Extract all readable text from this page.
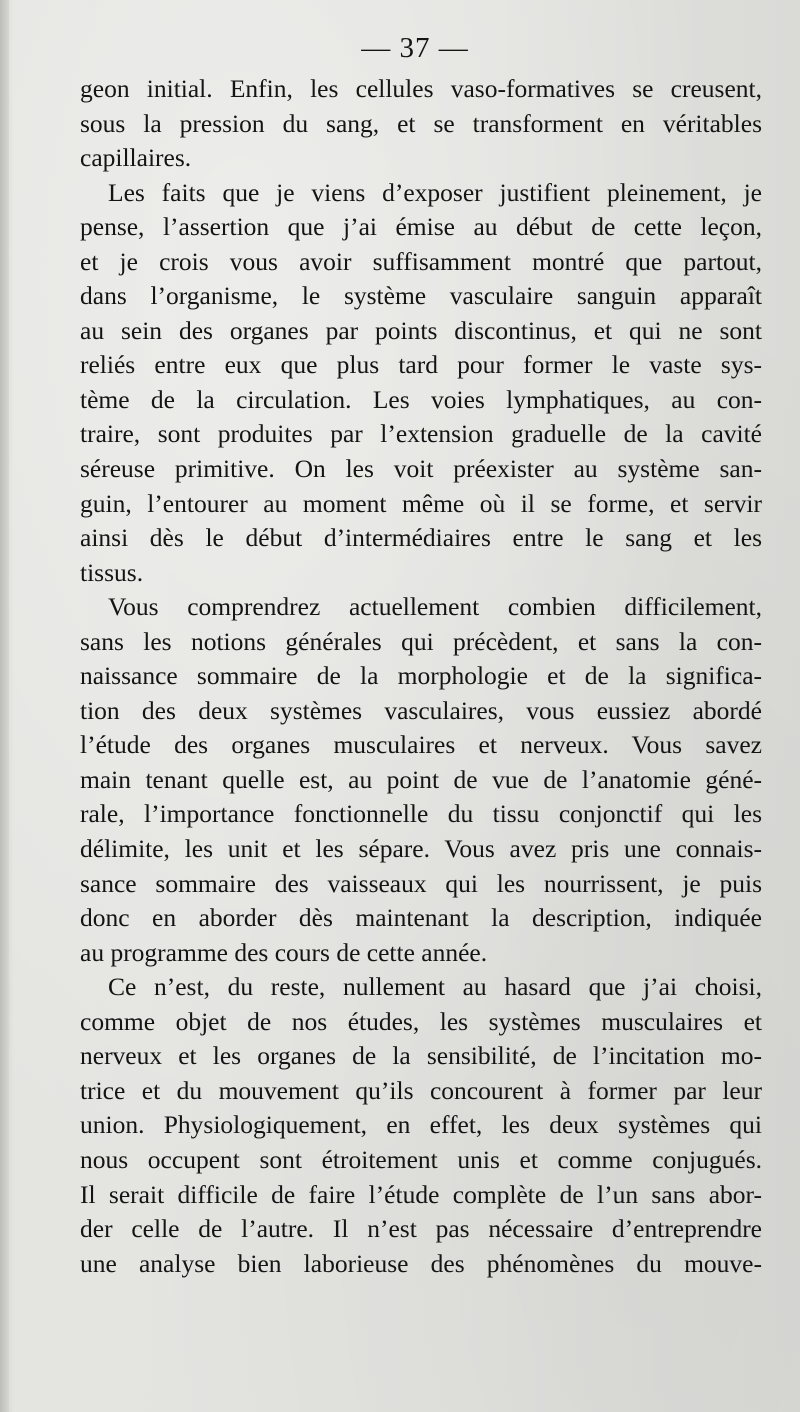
— 37 —
geon initial. Enfin, les cellules vaso-formatives se creusent,
sous la pression du sang, et se transforment en véritables
capillaires.
Les faits que je viens d’exposer justifient pleinement, je
pense, l’assertion que j’ai émise au début de cette leçon,
et je crois vous avoir suffisamment montré que partout,
dans l’organisme, le système vasculaire sanguin apparaît
au sein des organes par points discontinus, et qui ne sont
reliés entre eux que plus tard pour former le vaste sys-
tème de la circulation. Les voies lymphatiques, au con-
traire, sont produites par l’extension graduelle de la cavité
séreuse primitive. On les voit préexister au système san-
guin, l’entourer au moment même où il se forme, et servir
ainsi dès le début d’intermédiaires entre le sang et les
tissus.
Vous comprendrez actuellement combien difficilement,
sans les notions générales qui précèdent, et sans la con-
naissance sommaire de la morphologie et de la significa-
tion des deux systèmes vasculaires, vous eussiez abordé
l’étude des organes musculaires et nerveux. Vous savez
main tenant quelle est, au point de vue de l’anatomie géné-
rale, l’importance fonctionnelle du tissu conjonctif qui les
délimite, les unit et les sépare. Vous avez pris une connais-
sance sommaire des vaisseaux qui les nourrissent, je puis
donc en aborder dès maintenant la description, indiquée
au programme des cours de cette année.
Ce n’est, du reste, nullement au hasard que j’ai choisi,
comme objet de nos études, les systèmes musculaires et
nerveux et les organes de la sensibilité, de l’incitation mo-
trice et du mouvement qu’ils concourent à former par leur
union. Physiologiquement, en effet, les deux systèmes qui
nous occupent sont étroitement unis et comme conjugués.
Il serait difficile de faire l’étude complète de l’un sans abor-
der celle de l’autre. Il n’est pas nécessaire d’entreprendre
une analyse bien laborieuse des phénomènes du mouve-
